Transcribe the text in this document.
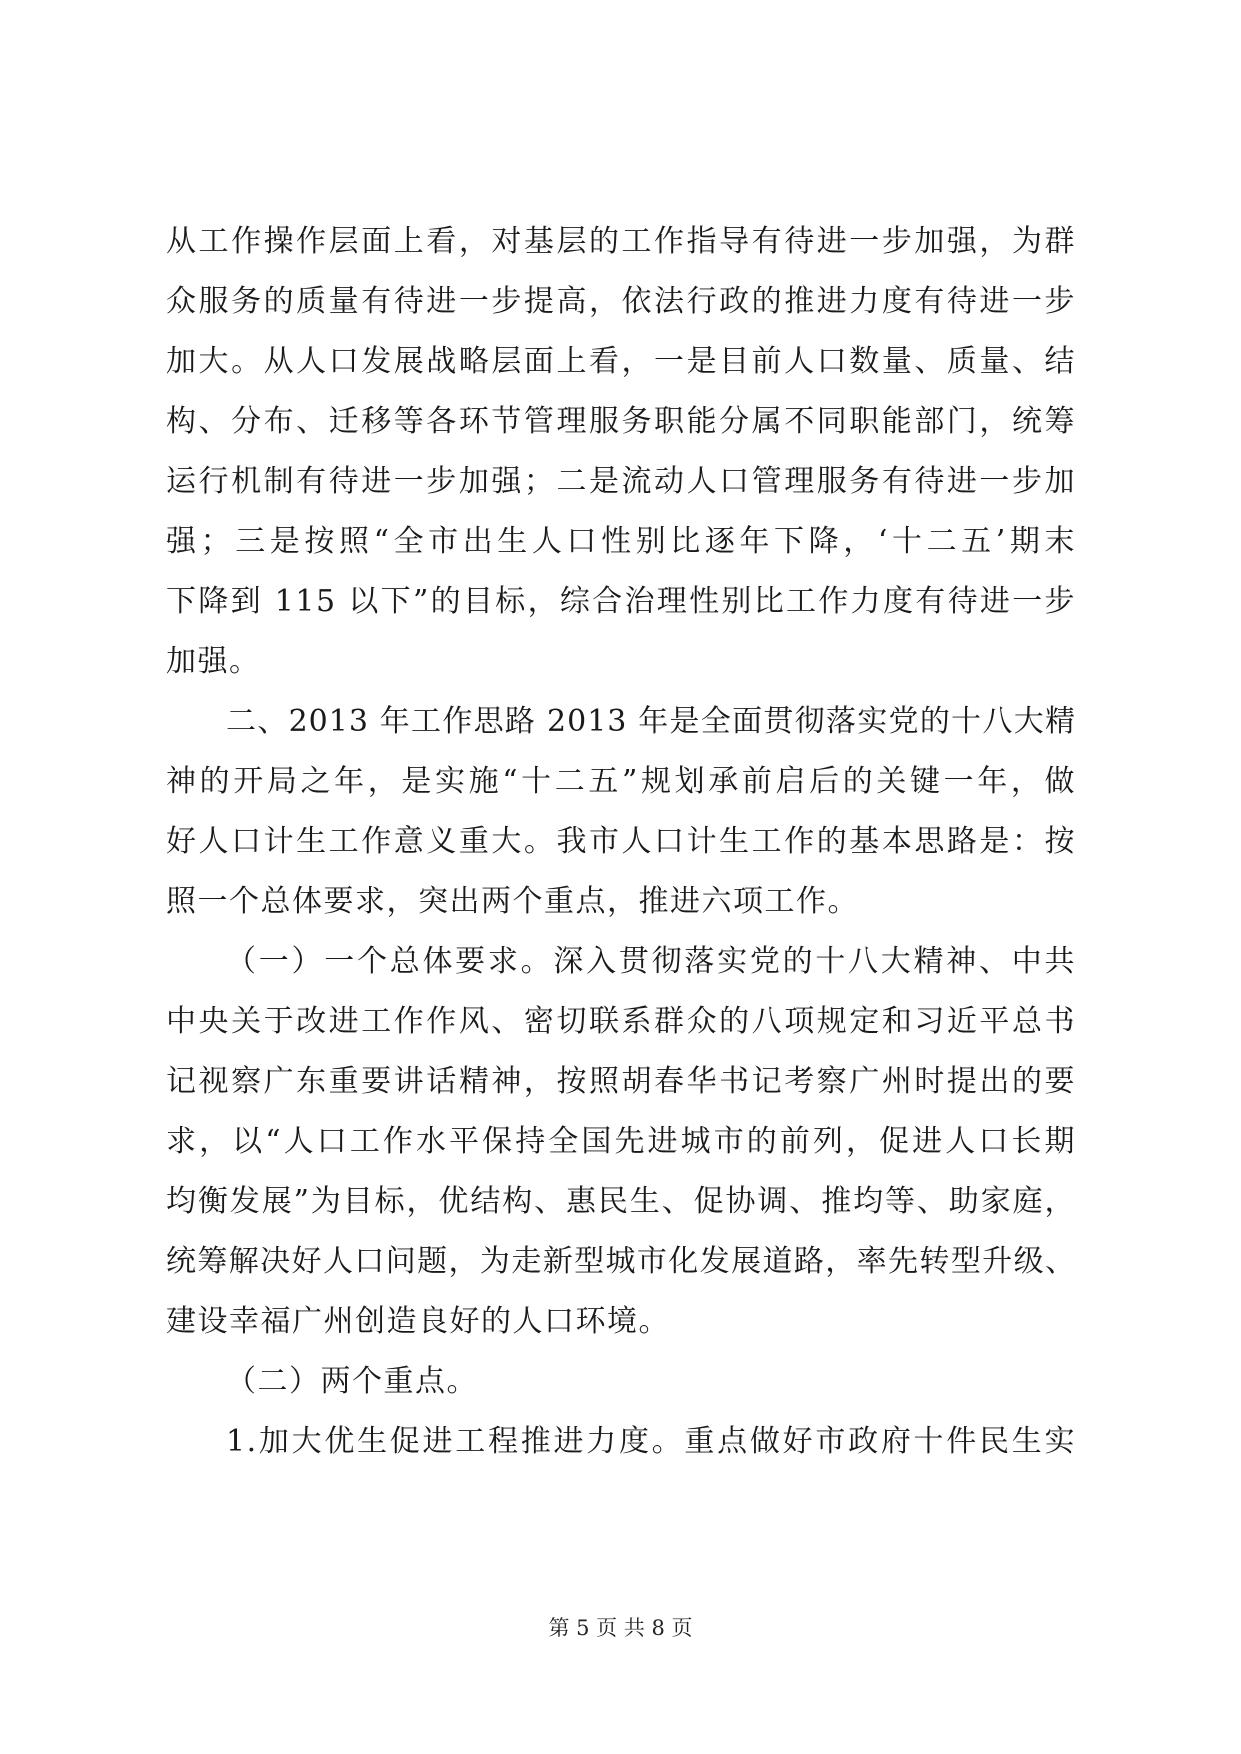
从工作操作层面上看，对基层的工作指导有待进一步加强，为群
众服务的质量有待进一步提高，依法行政的推进力度有待进一步
加大。从人口发展战略层面上看，一是目前人口数量、质量、结
构、分布、迁移等各环节管理服务职能分属不同职能部门，统筹
运行机制有待进一步加强；二是流动人口管理服务有待进一步加
强；三是按照“全市出生人口性别比逐年下降，‘十二五’期末
下降到 115 以下”的目标，综合治理性别比工作力度有待进一步
加强。
二、2013 年工作思路 2013 年是全面贯彻落实党的十八大精
神的开局之年，是实施“十二五”规划承前启后的关键一年，做
好人口计生工作意义重大。我市人口计生工作的基本思路是：按
照一个总体要求，突出两个重点，推进六项工作。
（一）一个总体要求。深入贯彻落实党的十八大精神、中共
中央关于改进工作作风、密切联系群众的八项规定和习近平总书
记视察广东重要讲话精神，按照胡春华书记考察广州时提出的要
求，以“人口工作水平保持全国先进城市的前列，促进人口长期
均衡发展”为目标，优结构、惠民生、促协调、推均等、助家庭，
统筹解决好人口问题，为走新型城市化发展道路，率先转型升级、
建设幸福广州创造良好的人口环境。
（二）两个重点。
1.加大优生促进工程推进力度。重点做好市政府十件民生实
第 5 页 共 8 页
